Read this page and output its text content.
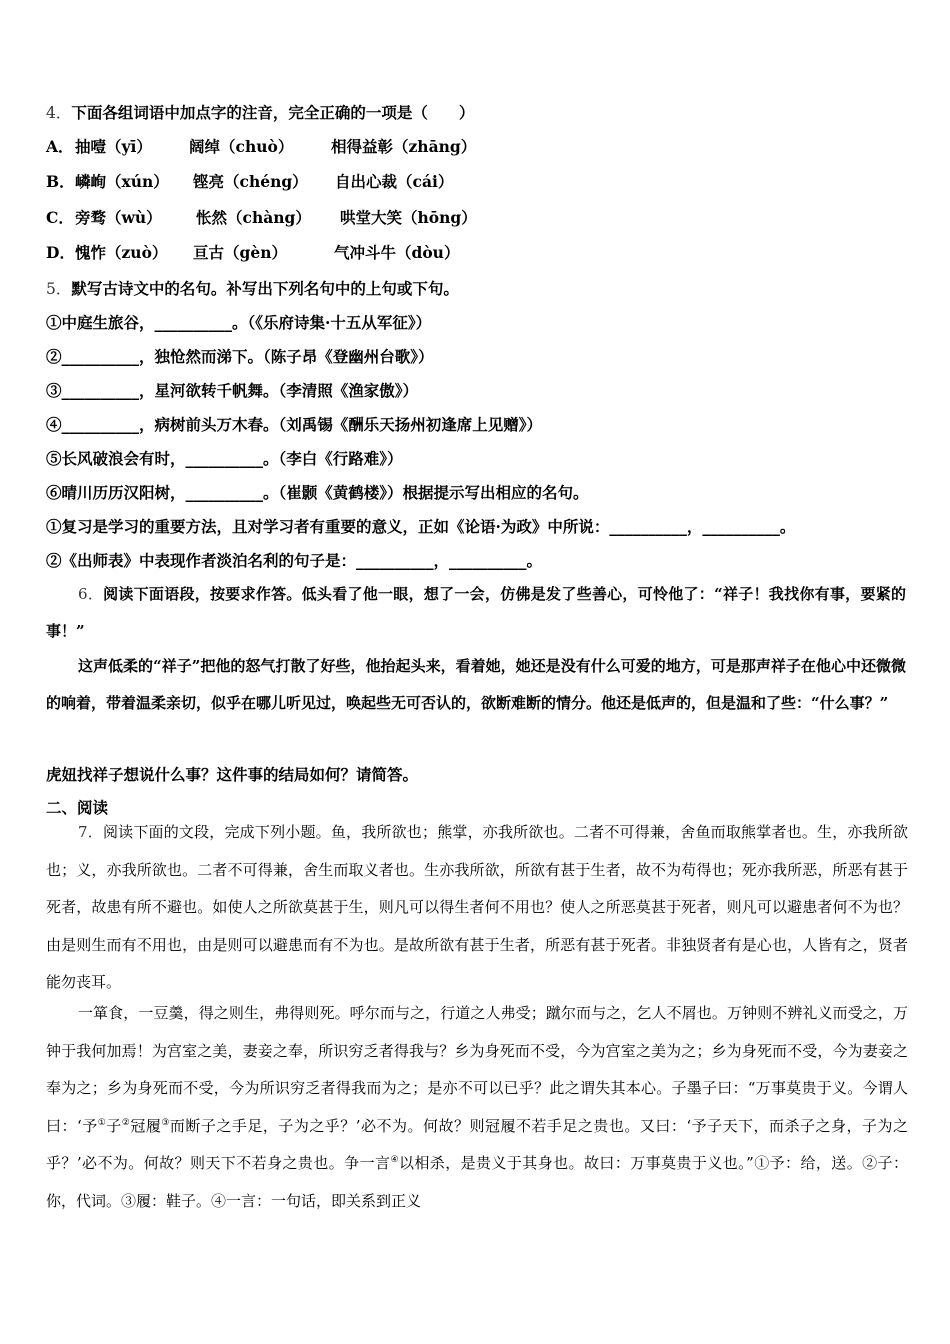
4．下面各组词语中加点字的注音，完全正确的一项是（　　）
A．抽噎（yī） 阔绰（chuò） 相得益彰（zhāng）
B．嶙峋（xún） 铿亮（chéng） 自出心裁（cái）
C．旁骛（wù） 怅然（chàng） 哄堂大笑（hōng）
D．愧怍（zuò） 亘古（gèn）	气冲斗牛（dòu）
5．默写古诗文中的名句。补写出下列名句中的上句或下句。
①中庭生旅谷，__________。（《乐府诗集·十五从军征》）
②__________，独怆然而涕下。（陈子昂《登幽州台歌》）
③__________，星河欲转千帆舞。（李清照《渔家傲》）
④__________，病树前头万木春。（刘禹锡《酬乐天扬州初逢席上见赠》）
⑤长风破浪会有时，__________。（李白《行路难》）
⑥晴川历历汉阳树，__________。（崔颢《黄鹤楼》）根据提示写出相应的名句。
①复习是学习的重要方法，且对学习者有重要的意义，正如《论语·为政》中所说：__________，__________。
②《出师表》中表现作者淡泊名利的句子是：__________，__________。
6．阅读下面语段，按要求作答。低头看了他一眼，想了一会，仿佛是发了些善心，可怜他了：“祥子！我找你有事，要紧的事！”
这声低柔的“祥子”把他的怒气打散了好些，他抬起头来，看着她，她还是没有什么可爱的地方，可是那声祥子在他心中还微微的响着，带着温柔亲切，似乎在哪儿听见过，唤起些无可否认的，欲断难断的情分。他还是低声的，但是温和了些：“什么事？”
虎妞找祥子想说什么事？这件事的结局如何？请简答。
二、阅读
7．阅读下面的文段，完成下列小题。鱼，我所欲也；熊掌，亦我所欲也。二者不可得兼，舍鱼而取熊掌者也。生，亦我所欲也；义，亦我所欲也。二者不可得兼，舍生而取义者也。生亦我所欲，所欲有甚于生者，故不为苟得也；死亦我所恶，所恶有甚于死者，故患有所不避也。如使人之所欲莫甚于生，则凡可以得生者何不用也？使人之所恶莫甚于死者，则凡可以避患者何不为也？由是则生而有不用也，由是则可以避患而有不为也。是故所欲有甚于生者，所恶有甚于死者。非独贤者有是心也，人皆有之，贤者能勿丧耳。
一箪食，一豆羹，得之则生，弗得则死。呼尔而与之，行道之人弗受；蹴尔而与之，乞人不屑也。万钟则不辨礼义而受之，万钟于我何加焉！为宫室之美，妻妾之奉，所识穷乏者得我与？乡为身死而不受，今为宫室之美为之；乡为身死而不受，今为妻妾之奉为之；乡为身死而不受，今为所识穷乏者得我而为之；是亦不可以已乎？此之谓失其本心。子墨子曰：“万事莫贵于义。今谓人曰：‘予①子②冠履③而断子之手足，子为之乎？’必不为。何故？则冠履不若手足之贵也。又曰：‘予子天下，而杀子之身，子为之乎？’必不为。何故？则天下不若身之贵也。争一言④以相杀，是贵义于其身也。故曰：万事莫贵于义也。”①予：给，送。②子：你，代词。③履：鞋子。④一言：一句话，即关系到正义
